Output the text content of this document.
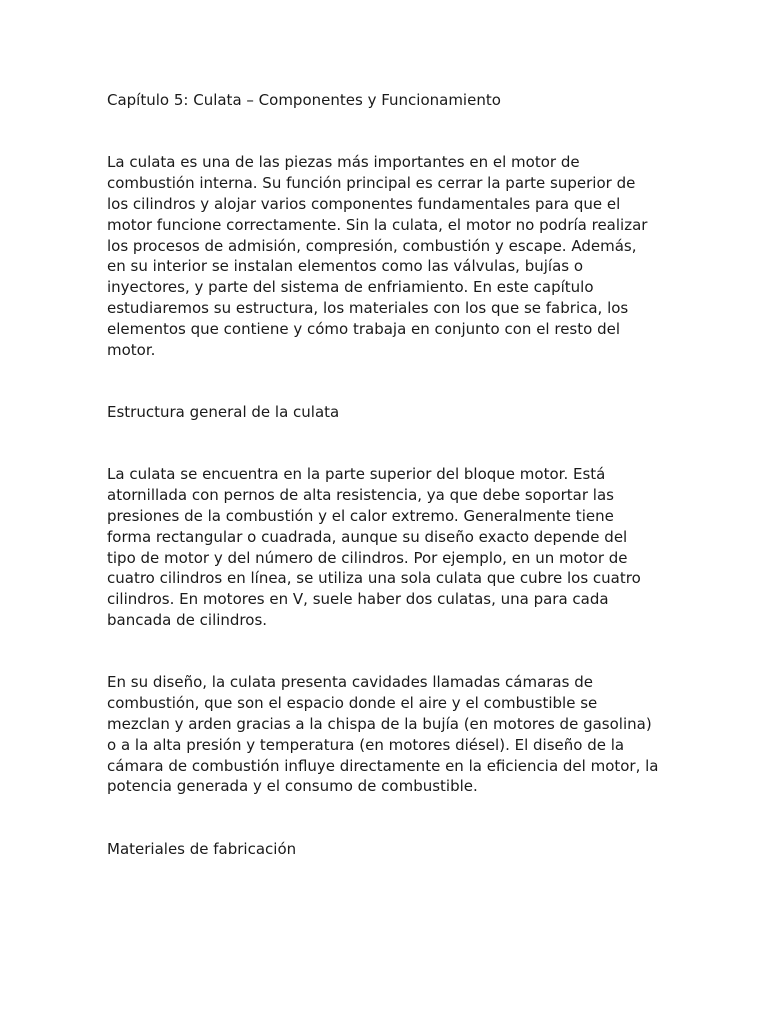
Capítulo 5: Culata – Componentes y Funcionamiento

La culata es una de las piezas más importantes en el motor de
combustión interna. Su función principal es cerrar la parte superior de
los cilindros y alojar varios componentes fundamentales para que el
motor funcione correctamente. Sin la culata, el motor no podría realizar
los procesos de admisión, compresión, combustión y escape. Además,
en su interior se instalan elementos como las válvulas, bujías o
inyectores, y parte del sistema de enfriamiento. En este capítulo
estudiaremos su estructura, los materiales con los que se fabrica, los
elementos que contiene y cómo trabaja en conjunto con el resto del
motor.

Estructura general de la culata

La culata se encuentra en la parte superior del bloque motor. Está
atornillada con pernos de alta resistencia, ya que debe soportar las
presiones de la combustión y el calor extremo. Generalmente tiene
forma rectangular o cuadrada, aunque su diseño exacto depende del
tipo de motor y del número de cilindros. Por ejemplo, en un motor de
cuatro cilindros en línea, se utiliza una sola culata que cubre los cuatro
cilindros. En motores en V, suele haber dos culatas, una para cada
bancada de cilindros.

En su diseño, la culata presenta cavidades llamadas cámaras de
combustión, que son el espacio donde el aire y el combustible se
mezclan y arden gracias a la chispa de la bujía (en motores de gasolina)
o a la alta presión y temperatura (en motores diésel). El diseño de la
cámara de combustión influye directamente en la eficiencia del motor, la
potencia generada y el consumo de combustible.

Materiales de fabricación
